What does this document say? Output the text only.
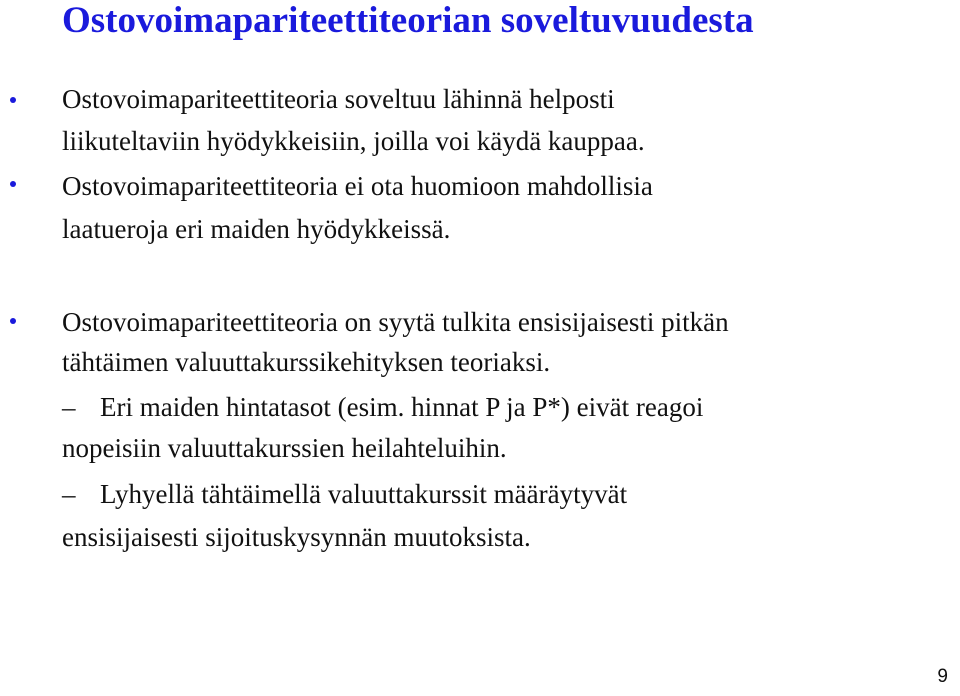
Ostovoimapariteettiteorian soveltuvuudesta
Ostovoimapariteettiteoria soveltuu lähinnä helposti
liikuteltaviin hyödykkeisiin, joilla voi käydä kauppaa.
Ostovoimapariteettiteoria ei ota huomioon mahdollisia
laatueroja eri maiden hyödykkeissä.
Ostovoimapariteettiteoria on syytä tulkita ensisijaisesti pitkän
tähtäimen valuuttakurssikehityksen teoriaksi.
– Eri maiden hintatasot (esim. hinnat P ja P*) eivät reagoi
nopeisiin valuuttakurssien heilahteluihin.
– Lyhyellä tähtäimellä valuuttakurssit määräytyvät
ensisijaisesti sijoituskysynnän muutoksista.
9
